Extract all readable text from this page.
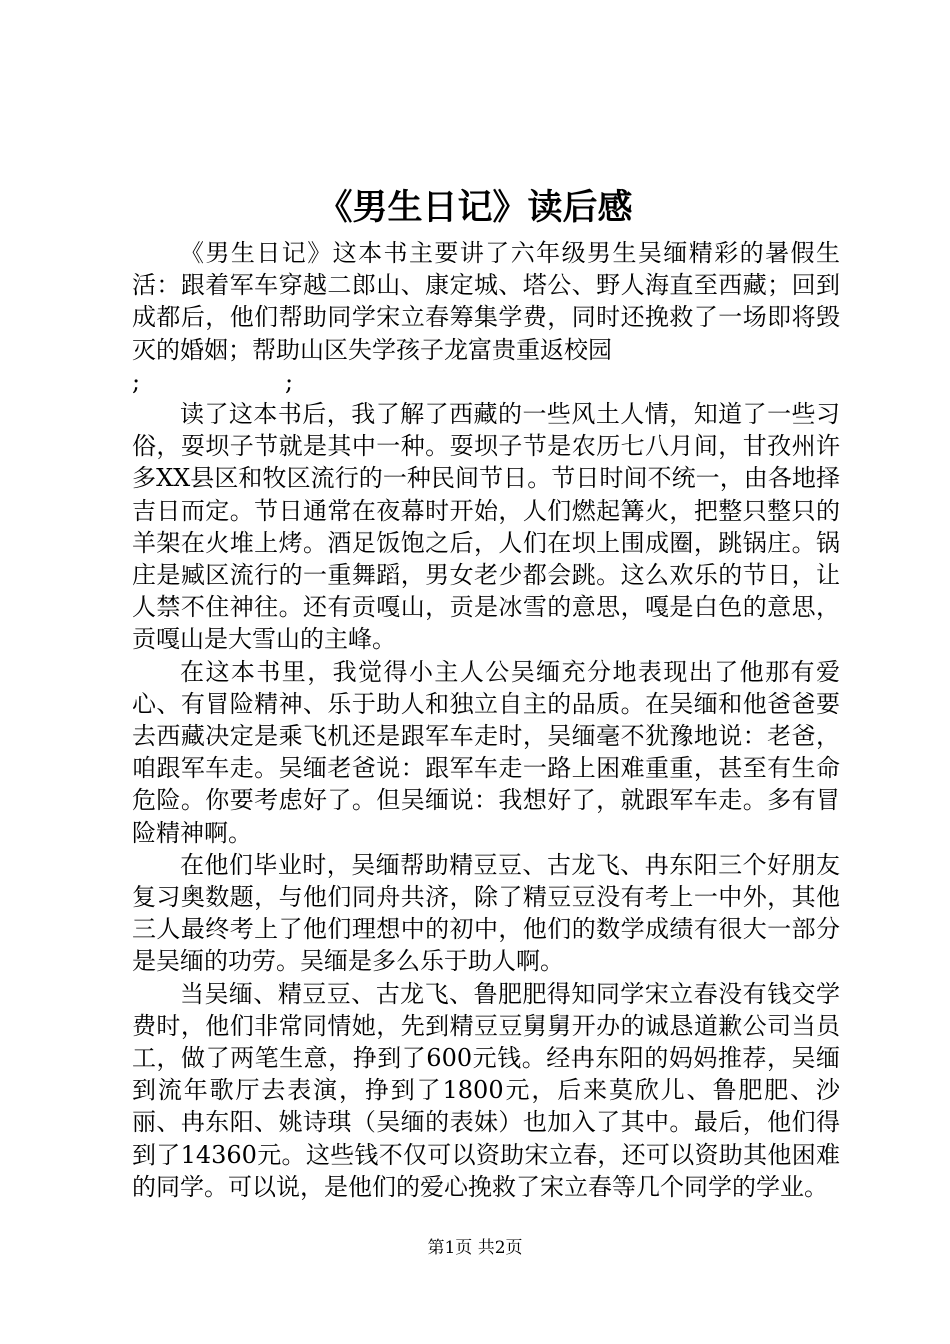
《男生日记》读后感

《男生日记》这本书主要讲了六年级男生吴缅精彩的暑假生活：跟着军车穿越二郎山、康定城、塔公、野人海直至西藏；回到成都后，他们帮助同学宋立春筹集学费，同时还挽救了一场即将毁灭的婚姻；帮助山区失学孩子龙富贵重返校园

;                   ;

读了这本书后，我了解了西藏的一些风土人情，知道了一些习俗，耍坝子节就是其中一种。耍坝子节是农历七八月间，甘孜州许多XX县区和牧区流行的一种民间节日。节日时间不统一，由各地择吉日而定。节日通常在夜幕时开始，人们燃起篝火，把整只整只的羊架在火堆上烤。酒足饭饱之后，人们在坝上围成圈，跳锅庄。锅庄是臧区流行的一重舞蹈，男女老少都会跳。这么欢乐的节日，让人禁不住神往。还有贡嘎山，贡是冰雪的意思，嘎是白色的意思，贡嘎山是大雪山的主峰。

在这本书里，我觉得小主人公吴缅充分地表现出了他那有爱心、有冒险精神、乐于助人和独立自主的品质。在吴缅和他爸爸要去西藏决定是乘飞机还是跟军车走时，吴缅毫不犹豫地说：老爸，咱跟军车走。吴缅老爸说：跟军车走一路上困难重重，甚至有生命危险。你要考虑好了。但吴缅说：我想好了，就跟军车走。多有冒险精神啊。

在他们毕业时，吴缅帮助精豆豆、古龙飞、冉东阳三个好朋友复习奥数题，与他们同舟共济，除了精豆豆没有考上一中外，其他三人最终考上了他们理想中的初中，他们的数学成绩有很大一部分是吴缅的功劳。吴缅是多么乐于助人啊。

当吴缅、精豆豆、古龙飞、鲁肥肥得知同学宋立春没有钱交学费时，他们非常同情她，先到精豆豆舅舅开办的诚恳道歉公司当员工，做了两笔生意，挣到了600元钱。经冉东阳的妈妈推荐，吴缅到流年歌厅去表演，挣到了1800元，后来莫欣儿、鲁肥肥、沙丽、冉东阳、姚诗琪（吴缅的表妹）也加入了其中。最后，他们得到了14360元。这些钱不仅可以资助宋立春，还可以资助其他困难的同学。可以说，是他们的爱心挽救了宋立春等几个同学的学业。

第1页 共2页
